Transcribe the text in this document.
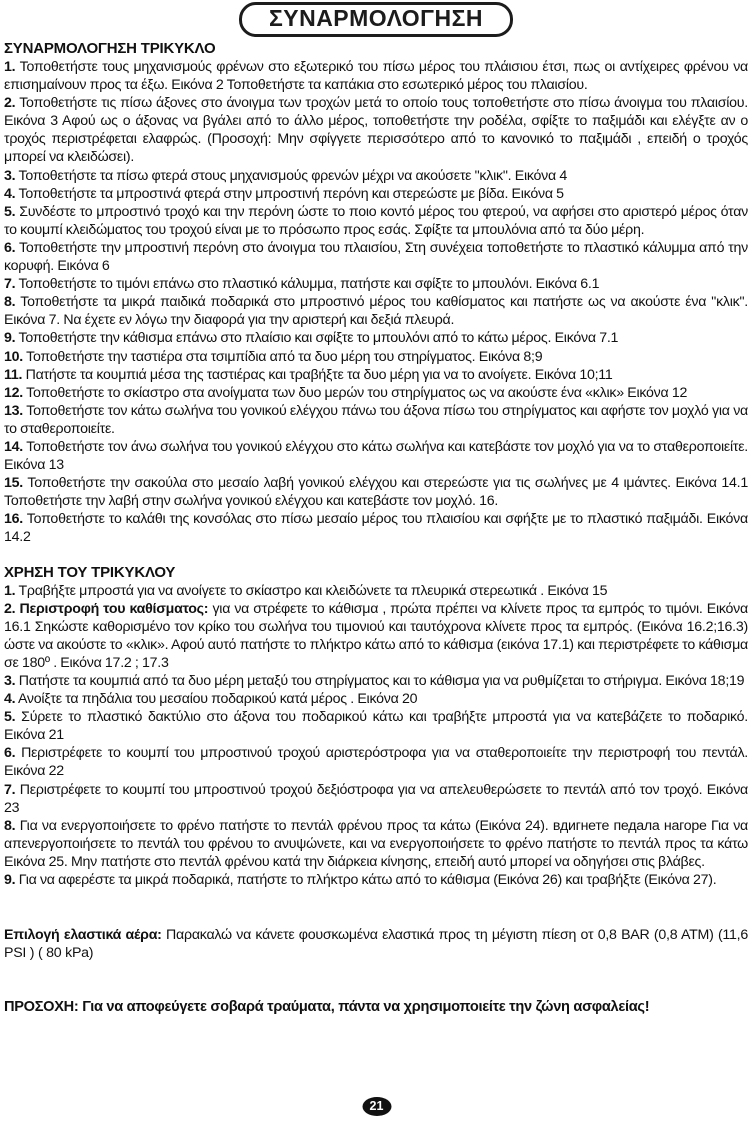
ΣΥΝΑΡΜΟΛΟΓΗΣΗ
ΣΥΝΑΡΜΟΛΟΓΗΣΗ ΤΡΙΚΥΚΛΟ

1. Τοποθετήστε τους μηχανισμούς φρένων στο εξωτερικό του πίσω μέρος του πλάισιου έτσι, πως οι αντίχειρες φρένου να επισημαίνουν προς τα έξω. Εικόνα 2 Τοποθετήστε τα καπάκια στο εσωτερικό μέρος του πλαισίου.

2. Τοποθετήστε τις πίσω άξονες στο άνοιγμα των τροχών μετά το οποίο τους τοποθετήστε στο πίσω άνοιγμα του πλαισίου. Εικόνα 3 Αφού ως ο άξονας να βγάλει από το άλλο μέρος, τοποθετήστε την ροδέλα, σφίξτε το παξιμάδι και ελέγξτε αν ο τροχός περιστρέφεται ελαφρώς. (Προσοχή: Μην σφίγγετε περισσότερο από το κανονικό το παξιμάδι , επειδή ο τροχός μπορεί να κλειδώσει).

3. Τοποθετήστε τα πίσω φτερά στους μηχανισμούς φρενών μέχρι να ακούσετε "κλικ". Εικόνα 4

4. Τοποθετήστε τα μπροστινά φτερά στην μπροστινή περόνη και στερεώστε με βίδα. Εικόνα 5

5. Συνδέστε το μπροστινό τροχό και την περόνη ώστε το ποιο κοντό μέρος του φτερού, να αφήσει στο αριστερό μέρος όταν το κουμπί κλειδώματος του τροχού είναι με το πρόσωπο προς εσάς. Σφίξτε τα μπουλόνια από τα δύο μέρη.

6. Τοποθετήστε την μπροστινή περόνη στο άνοιγμα του πλαισίου, Στη συνέχεια τοποθετήστε το πλαστικό κάλυμμα από την κορυφή. Εικόνα 6

7. Τοποθετήστε το τιμόνι επάνω στο πλαστικό κάλυμμα, πατήστε και σφίξτε το μπουλόνι. Εικόνα 6.1

8. Τοποθετήστε τα μικρά παιδικά ποδαρικά στο μπροστινό μέρος του καθίσματος και πατήστε ως να ακούστε ένα "κλικ". Εικόνα 7. Να έχετε εν λόγω την διαφορά για την αριστερή και δεξιά πλευρά.

9. Τοποθετήστε την κάθισμα επάνω στο πλαίσιο και σφίξτε το μπουλόνι από το κάτω μέρος. Εικόνα 7.1

10. Τοποθετήστε την ταστιέρα στα τσιμπίδια από τα δυο μέρη του στηρίγματος. Εικόνα 8;9

11. Πατήστε τα κουμπιά μέσα της ταστιέρας και τραβήξτε τα δυο μέρη για να το ανοίγετε. Εικόνα 10;11

12. Τοποθετήστε το σκίαστρο στα ανοίγματα των δυο μερών του στηρίγματος ως να ακούστε ένα «κλικ» Εικόνα 12

13. Τοποθετήστε τον κάτω σωλήνα του γονικού ελέγχου πάνω του άξονα πίσω του στηρίγματος και αφήστε τον μοχλό για να το σταθεροποιείτε.

14. Τοποθετήστε τον άνω σωλήνα του γονικού ελέγχου στο κάτω σωλήνα και κατεβάστε τον μοχλό για να το σταθεροποιείτε. Εικόνα 13

15. Τοποθετήστε την σακούλα στο μεσαίο λαβή γονικού ελέγχου και στερεώστε για τις σωλήνες με 4 ιμάντες. Εικόνα 14.1 Τοποθετήστε την λαβή στην σωλήνα γονικού ελέγχου και κατεβάστε τον μοχλό. 16.

16. Τοποθετήστε το καλάθι της κονσόλας στο πίσω μεσαίο μέρος του πλαισίου και σφήξτε με το πλαστικό παξιμάδι. Εικόνα 14.2

ΧΡΗΣΗ ΤΟΥ ΤΡΙΚΥΚΛΟΥ

1. Τραβήξτε μπροστά για να ανοίγετε το σκίαστρο και κλειδώνετε τα πλευρικά στερεωτικά . Εικόνα 15

2. Περιστροφή του καθίσματος: για να στρέφετε το κάθισμα , πρώτα πρέπει να κλίνετε προς τα εμπρός το τιμόνι. Εικόνα 16.1 Σηκώστε καθορισμένο τον κρίκο του σωλήνα του τιμονιού και ταυτόχρονα κλίνετε προς τα εμπρός. (Εικόνα 16.2;16.3) ώστε να ακούστε το «κλικ». Αφού αυτό πατήστε το πλήκτρο κάτω από το κάθισμα (εικόνα 17.1) και περιστρέφετε το κάθισμα σε 180º . Εικόνα 17.2 ; 17.3

3. Πατήστε τα κουμπιά από τα δυο μέρη μεταξύ του στηρίγματος και το κάθισμα για να ρυθμίζεται το στήριγμα. Εικόνα 18;19

4. Ανοίξτε τα πηδάλια του μεσαίου ποδαρικού κατά μέρος . Εικόνα 20

5. Σύρετε το πλαστικό δακτύλιο στο άξονα του ποδαρικού κάτω και τραβήξτε μπροστά για να κατεβάζετε το ποδαρικό. Εικόνα 21

6. Περιστρέφετε το κουμπί του μπροστινού τροχού αριστερόστροφα για να σταθεροποιείτε την περιστροφή του πεντάλ. Εικόνα 22

7. Περιστρέφετε το κουμπί του μπροστινού τροχού δεξιόστροφα για να απελευθερώσετε το πεντάλ από τον τροχό. Εικόνα 23

8. Για να ενεργοποιήσετε το φρένο πατήστε το πεντάλ φρένου προς τα κάτω (Εικόνα 24). вдигнете педала нагоре Για να απενεργοποιήσετε το πεντάλ του φρένου το ανυψώνετε, και να ενεργοποιήσετε το φρένο πατήστε το πεντάλ προς τα κάτω Εικόνα 25. Μην πατήστε στο πεντάλ φρένου κατά την διάρκεια κίνησης, επειδή αυτό μπορεί να οδηγήσει στις βλάβες.

9. Για να αφερέστε τα μικρά ποδαρικά, πατήστε το πλήκτρο κάτω από το κάθισμα (Εικόνα 26) και τραβήξτε (Εικόνα 27).

Επιλογή ελαστικά αέρα: Παρακαλώ να κάνετε φουσκωμένα ελαστικά προς τη μέγιστη πίεση οτ 0,8 BAR (0,8 ATM) (11,6 PSI ) ( 80 kPa)

ΠΡΟΣΟΧΗ: Για να αποφεύγετε σοβαρά τραύματα, πάντα να χρησιμοποιείτε την ζώνη ασφαλείας!

21
